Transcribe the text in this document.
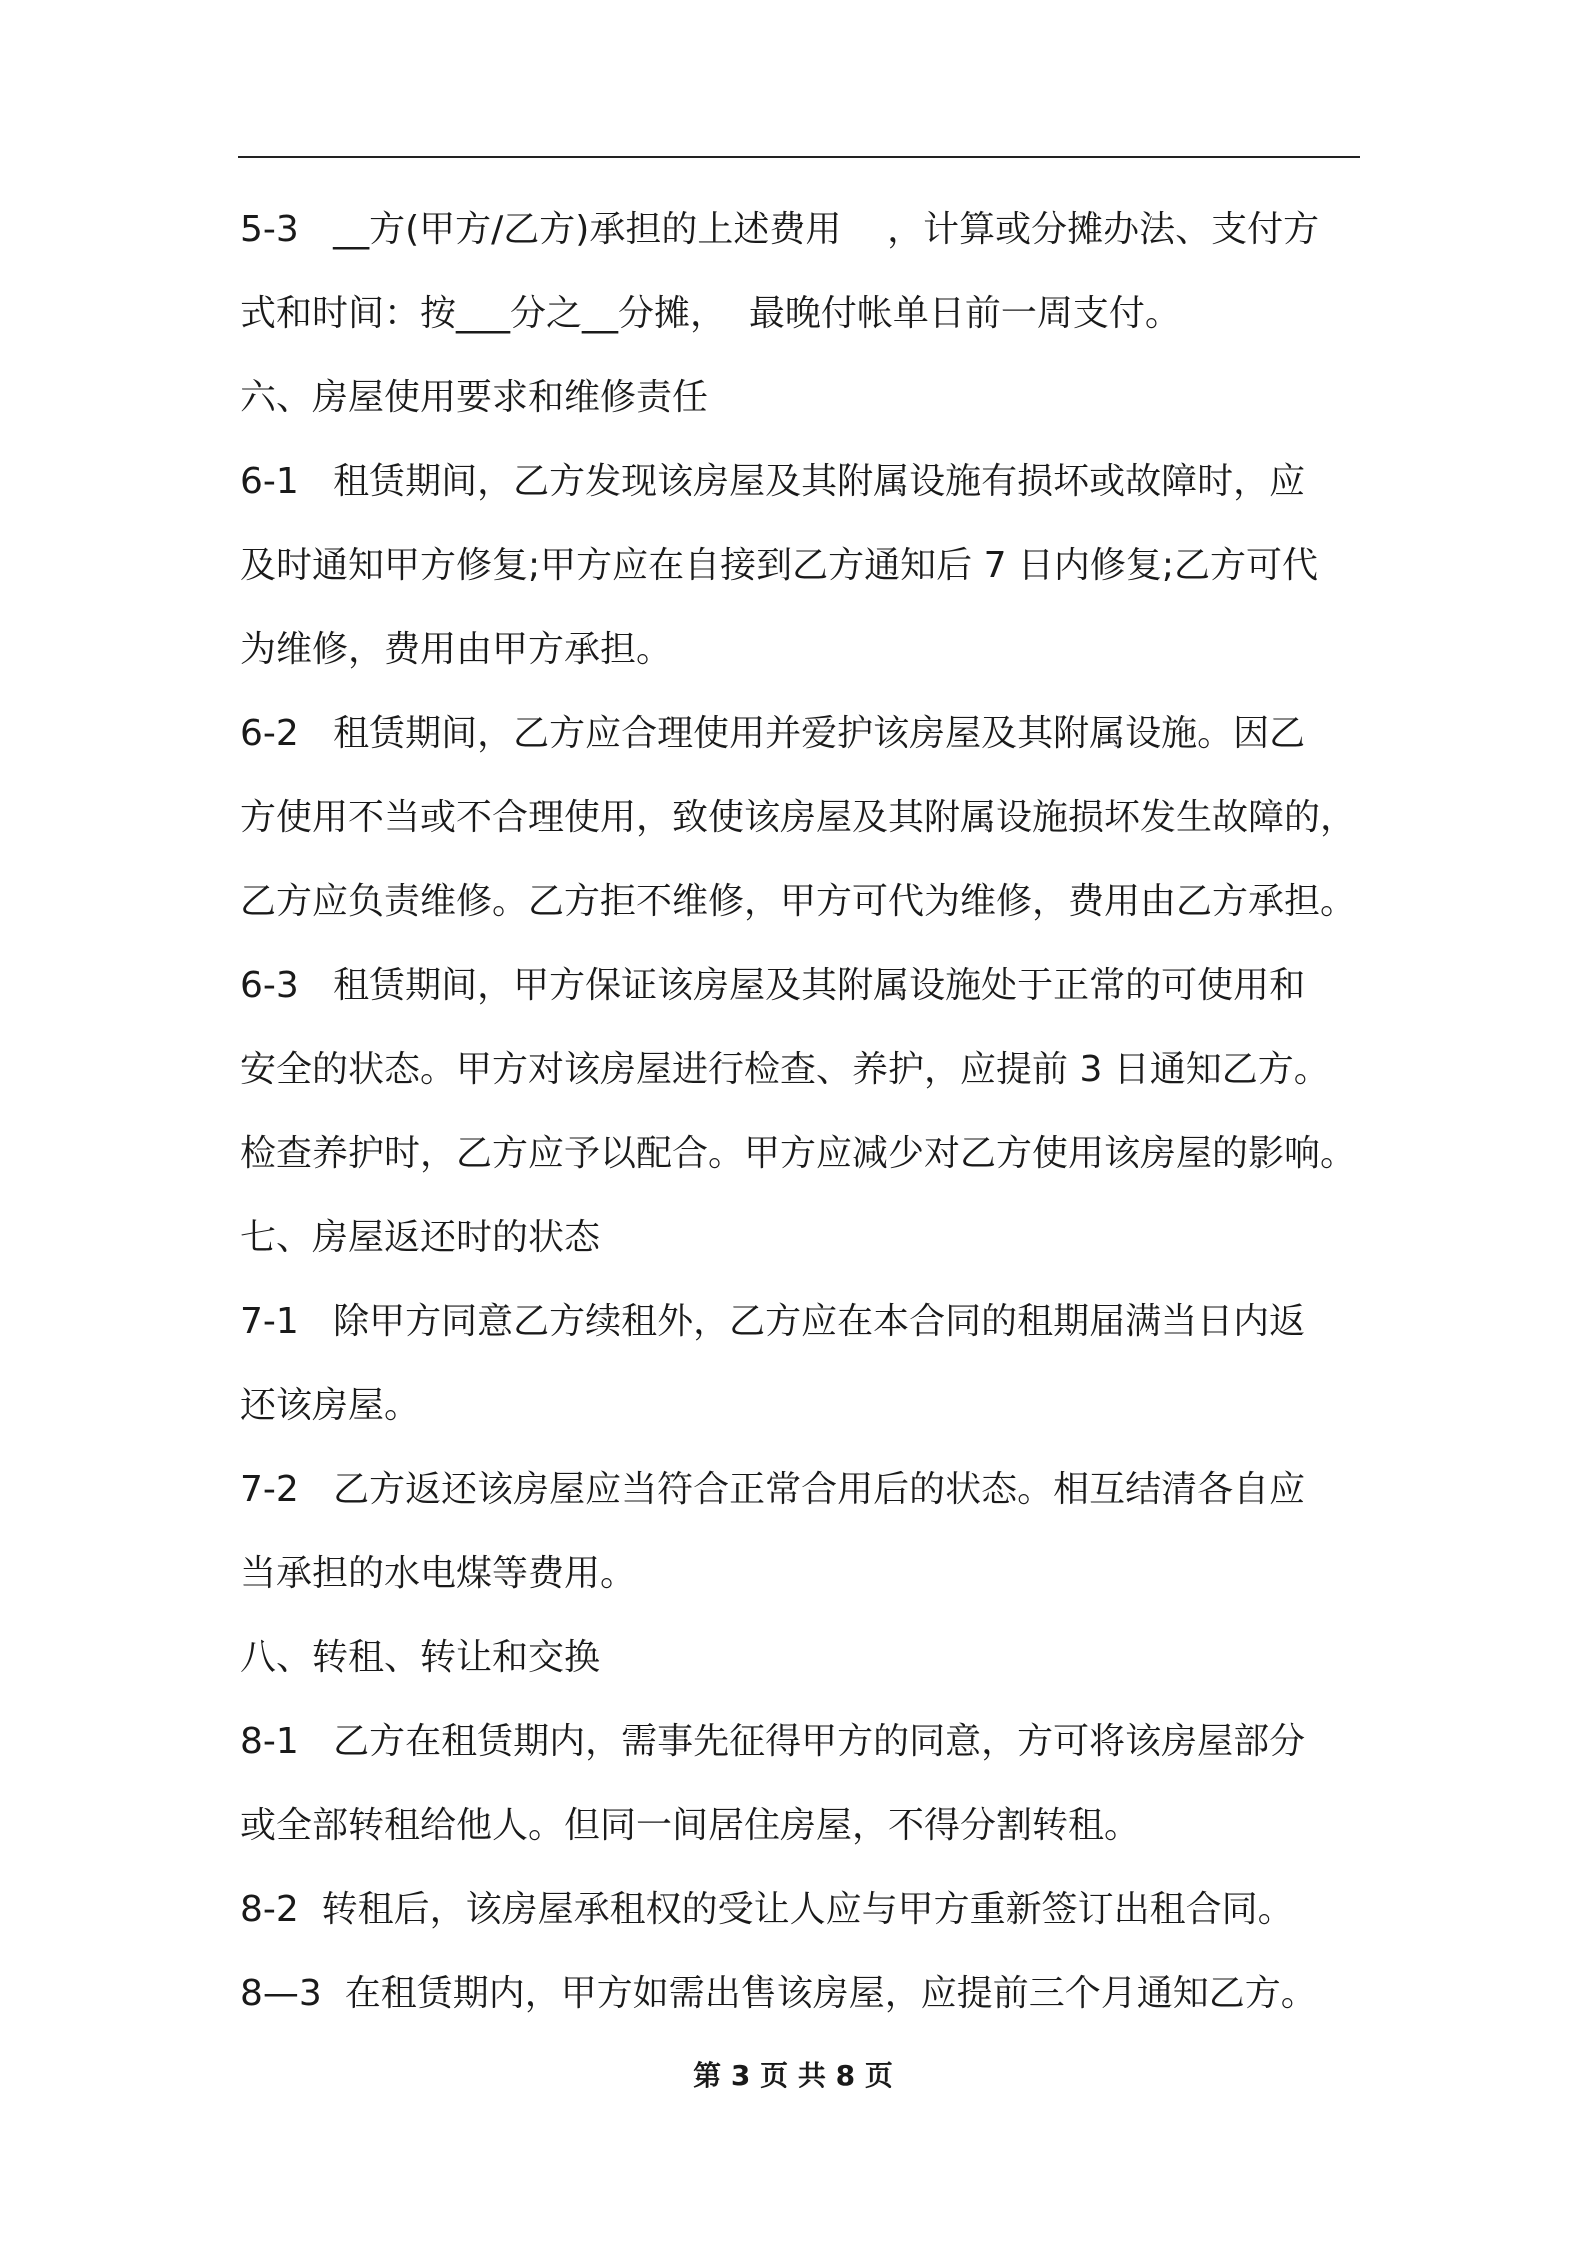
5-3   __方(甲方/乙方)承担的上述费用    ，计算或分摊办法、支付方
式和时间：按___分之__分摊，  最晚付帐单日前一周支付。
六、房屋使用要求和维修责任
6-1   租赁期间，乙方发现该房屋及其附属设施有损坏或故障时，应
及时通知甲方修复;甲方应在自接到乙方通知后 7 日内修复;乙方可代
为维修，费用由甲方承担。
6-2   租赁期间，乙方应合理使用并爱护该房屋及其附属设施。因乙
方使用不当或不合理使用，致使该房屋及其附属设施损坏发生故障的，
乙方应负责维修。乙方拒不维修，甲方可代为维修，费用由乙方承担。
6-3   租赁期间，甲方保证该房屋及其附属设施处于正常的可使用和
安全的状态。甲方对该房屋进行检查、养护，应提前 3 日通知乙方。
检查养护时，乙方应予以配合。甲方应减少对乙方使用该房屋的影响。
七、房屋返还时的状态
7-1   除甲方同意乙方续租外，乙方应在本合同的租期届满当日内返
还该房屋。
7-2   乙方返还该房屋应当符合正常合用后的状态。相互结清各自应
当承担的水电煤等费用。
八、转租、转让和交换
8-1   乙方在租赁期内，需事先征得甲方的同意，方可将该房屋部分
或全部转租给他人。但同一间居住房屋，不得分割转租。
8-2  转租后，该房屋承租权的受让人应与甲方重新签订出租合同。
8—3  在租赁期内，甲方如需出售该房屋，应提前三个月通知乙方。
第 3 页 共 8 页
